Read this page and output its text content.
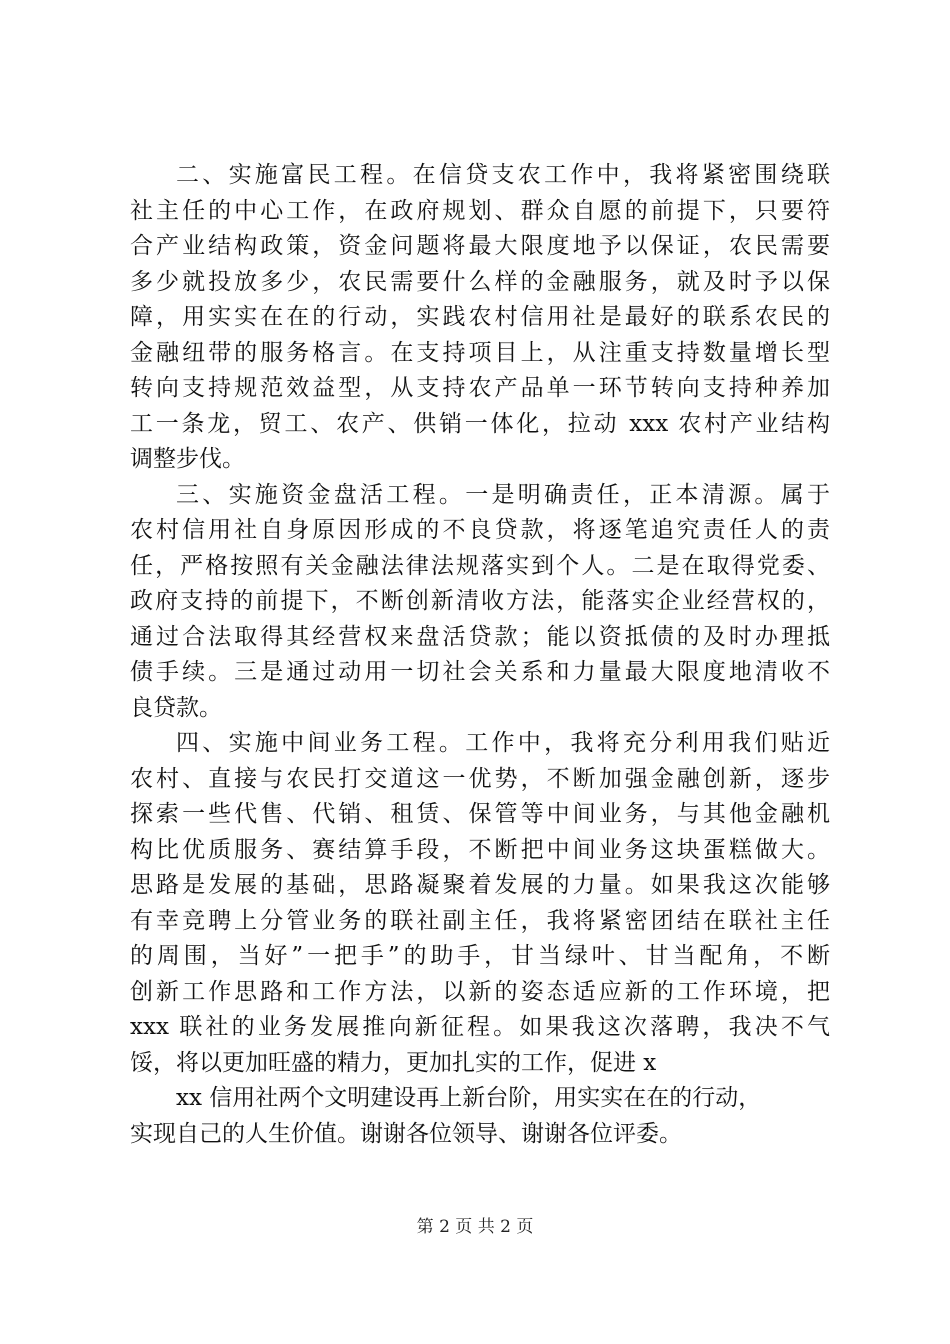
二、实施富民工程。在信贷支农工作中，我将紧密围绕联
社主任的中心工作，在政府规划、群众自愿的前提下，只要符
合产业结构政策，资金问题将最大限度地予以保证，农民需要
多少就投放多少，农民需要什么样的金融服务，就及时予以保
障，用实实在在的行动，实践农村信用社是最好的联系农民的
金融纽带的服务格言。在支持项目上，从注重支持数量增长型
转向支持规范效益型，从支持农产品单一环节转向支持种养加
工一条龙，贸工、农产、供销一体化，拉动 xxx 农村产业结构
调整步伐。
三、实施资金盘活工程。一是明确责任，正本清源。属于
农村信用社自身原因形成的不良贷款，将逐笔追究责任人的责
任，严格按照有关金融法律法规落实到个人。二是在取得党委、
政府支持的前提下，不断创新清收方法，能落实企业经营权的，
通过合法取得其经营权来盘活贷款；能以资抵债的及时办理抵
债手续。三是通过动用一切社会关系和力量最大限度地清收不
良贷款。
四、实施中间业务工程。工作中，我将充分利用我们贴近
农村、直接与农民打交道这一优势，不断加强金融创新，逐步
探索一些代售、代销、租赁、保管等中间业务，与其他金融机
构比优质服务、赛结算手段，不断把中间业务这块蛋糕做大。
思路是发展的基础，思路凝聚着发展的力量。如果我这次能够
有幸竞聘上分管业务的联社副主任，我将紧密团结在联社主任
的周围，当好”一把手”的助手，甘当绿叶、甘当配角，不断
创新工作思路和工作方法，以新的姿态适应新的工作环境，把
xxx 联社的业务发展推向新征程。如果我这次落聘，我决不气
馁，将以更加旺盛的精力，更加扎实的工作，促进 x
xx 信用社两个文明建设再上新台阶，用实实在在的行动，
实现自己的人生价值。谢谢各位领导、谢谢各位评委。
第 2 页 共 2 页
